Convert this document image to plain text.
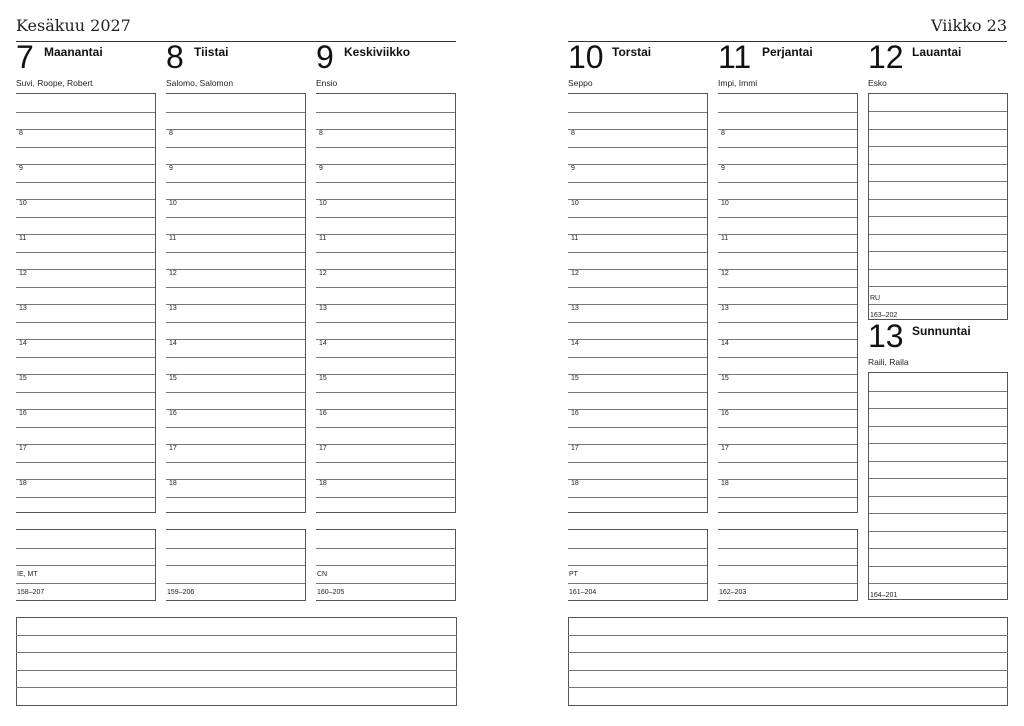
Kesäkuu 2027	Viikko 23
7 Maanantai
Suvi, Roope, Robert
8
9
10
11
12
13
14
15
16
17
18
IE, MT
158–207
8 Tiistai
Salomo, Salomon
8
9
10
11
12
13
14
15
16
17
18
159–206
9 Keskiviikko
Ensio
8
9
10
11
12
13
14
15
16
17
18
CN
160–205
10 Torstai
Seppo
8
9
10
11
12
13
14
15
16
17
18
PT
161–204
11 Perjantai
Impi, Immi
8
9
10
11
12
13
14
15
16
17
18
162–203
12 Lauantai
Esko
RU
163–202
13 Sunnuntai
Raili, Raila
164–201
